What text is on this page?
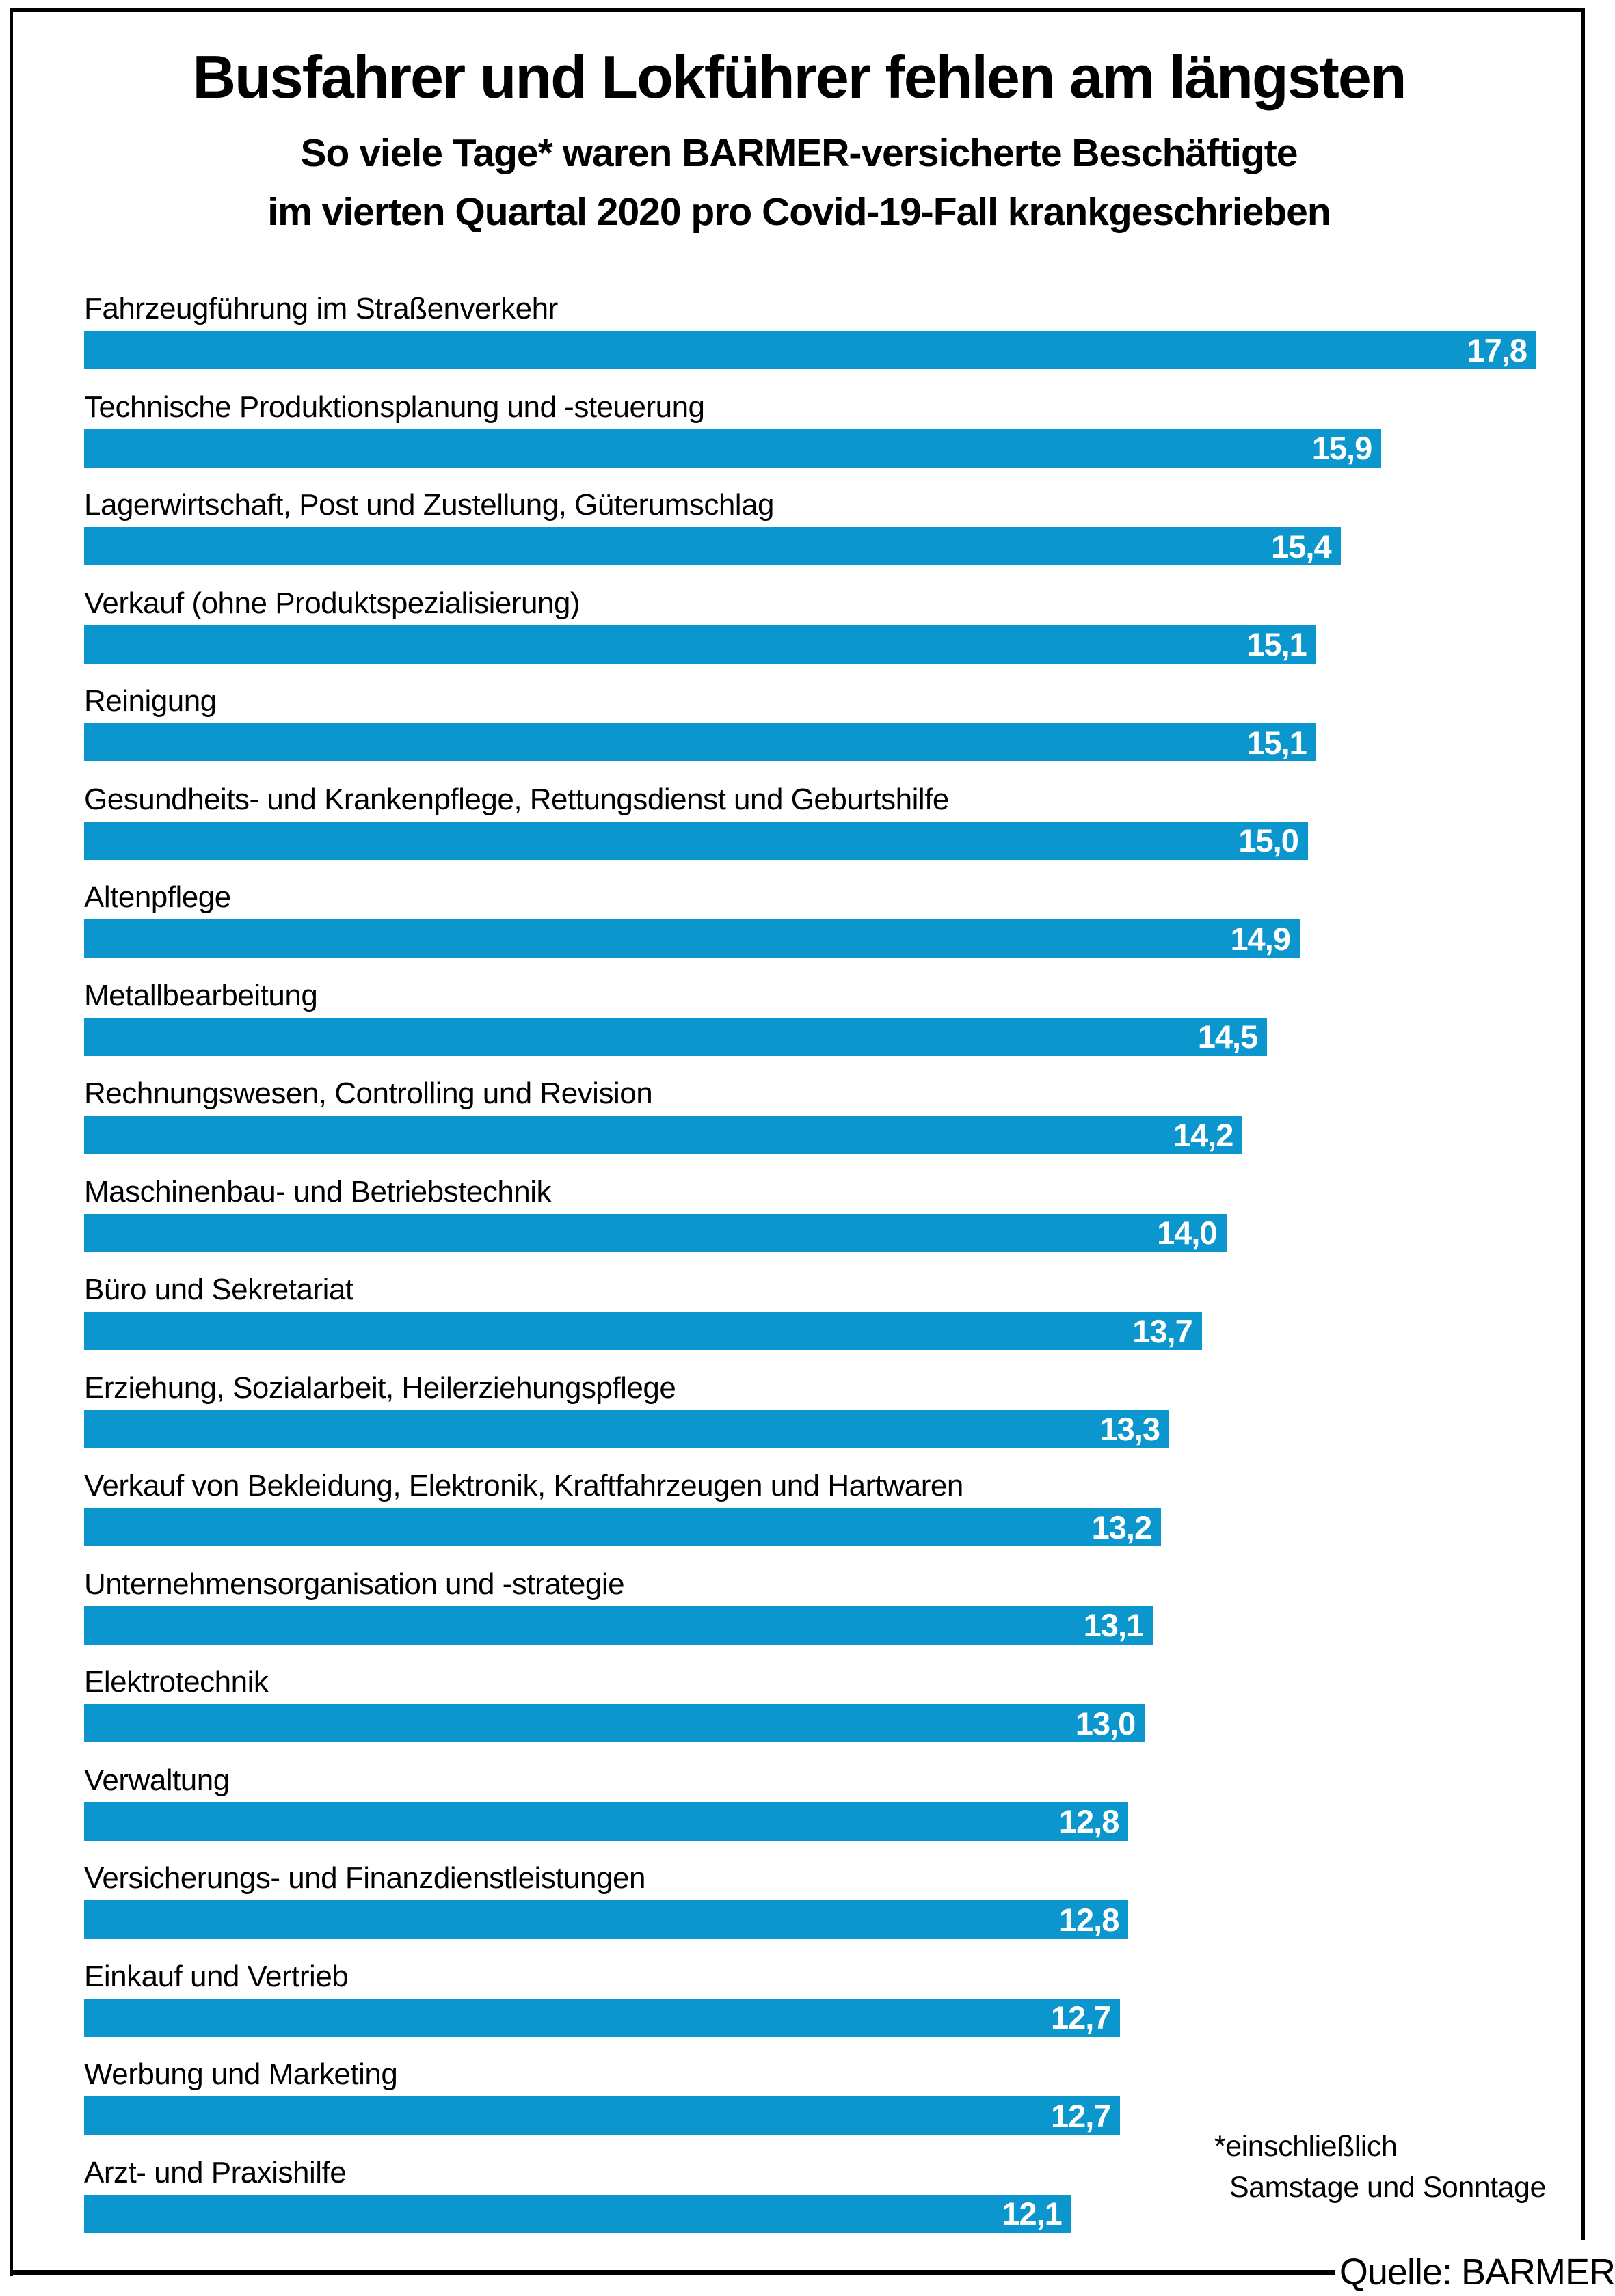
Busfahrer und Lokführer fehlen am längsten
So viele Tage* waren BARMER-versicherte Beschäftigte
im vierten Quartal 2020 pro Covid-19-Fall krankgeschrieben
Fahrzeugführung im Straßenverkehr
17,8
Technische Produktionsplanung und -steuerung
15,9
Lagerwirtschaft, Post und Zustellung, Güterumschlag
15,4
Verkauf (ohne Produktspezialisierung)
15,1
Reinigung
15,1
Gesundheits- und Krankenpflege, Rettungsdienst und Geburtshilfe
15,0
Altenpflege
14,9
Metallbearbeitung
14,5
Rechnungswesen, Controlling und Revision
14,2
Maschinenbau- und Betriebstechnik
14,0
Büro und Sekretariat
13,7
Erziehung, Sozialarbeit, Heilerziehungspflege
13,3
Verkauf von Bekleidung, Elektronik, Kraftfahrzeugen und Hartwaren
13,2
Unternehmensorganisation und -strategie
13,1
Elektrotechnik
13,0
Verwaltung
12,8
Versicherungs- und Finanzdienstleistungen
12,8
Einkauf und Vertrieb
12,7
Werbung und Marketing
12,7
Arzt- und Praxishilfe
12,1
*einschließlich
Samstage und Sonntage
Quelle: BARMER
